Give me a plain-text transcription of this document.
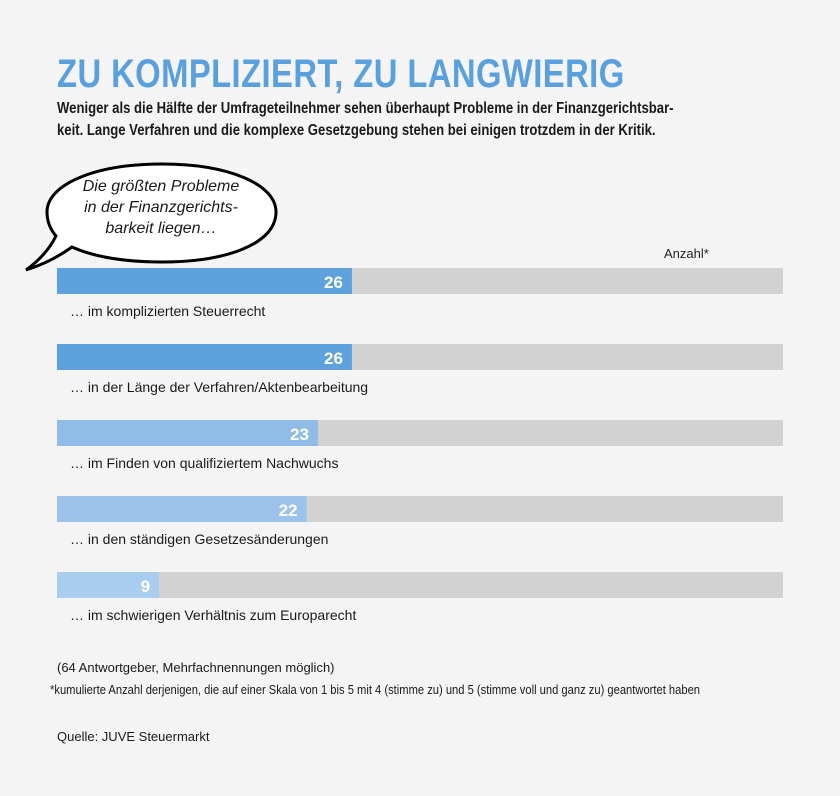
ZU KOMPLIZIERT, ZU LANGWIERIG
Weniger als die Hälfte der Umfrageteilnehmer sehen überhaupt Probleme in der Finanzgerichtsbar-
keit. Lange Verfahren und die komplexe Gesetzgebung stehen bei einigen trotzdem in der Kritik.
Die größten Probleme
in der Finanzgerichts-
barkeit liegen…
Anzahl*
26
… im komplizierten Steuerrecht
26
… in der Länge der Verfahren/Aktenbearbeitung
23
… im Finden von qualifiziertem Nachwuchs
22
… in den ständigen Gesetzesänderungen
9
… im schwierigen Verhältnis zum Europarecht
(64 Antwortgeber, Mehrfachnennungen möglich)
*kumulierte Anzahl derjenigen, die auf einer Skala von 1 bis 5 mit 4 (stimme zu) und 5 (stimme voll und ganz zu) geantwortet haben
Quelle: JUVE Steuermarkt
